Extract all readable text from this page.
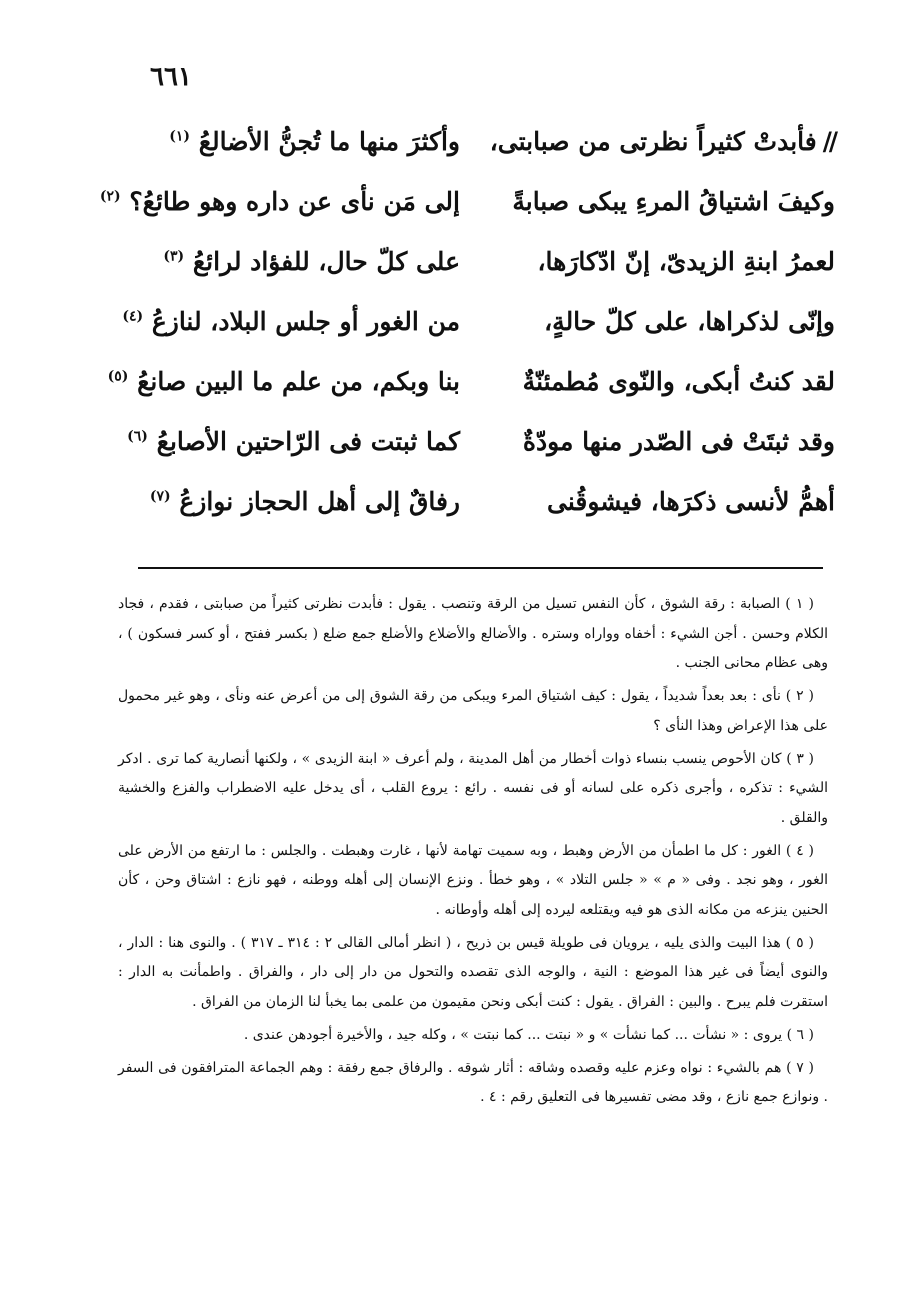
٦٦١
//فأبدتْ كثيراً نظرتى من صبابتى،
وأكثرَ منها ما تُجنُّ الأضالعُ $^{(١)}$
وكيفَ اشتياقُ المرءِ يبكى صبابةً
إلى مَن نأى عن داره وهو طائعُ؟ $^{(٢)}$
لعمرُ ابنةِ الزيدىّ، إنّ ادّكارَها،
على كلّ حال، للفؤاد لرائعُ $^{(٣)}$
وإنّى لذكراها، على كلّ حالةٍ،
من الغور أو جلس البلاد، لنازعُ $^{(٤)}$
لقد كنتُ أبكى، والنّوى مُطمئنّةٌ
بنا وبكم، من علم ما البين صانعُ $^{(٥)}$
وقد ثبتَتْ فى الصّدر منها مودّةٌ
كما ثبتت فى الرّاحتين الأصابعُ $^{(٦)}$
أهمُّ لأنسى ذكرَها، فيشوقُنى
رفاقٌ إلى أهل الحجاز نوازعُ $^{(٧)}$

( ١ ) الصبابة : رقة الشوق ، كأن النفس تسيل من الرقة وتنصب . يقول : فأبدت نظرتى كثيراً من صبابتى ، فقدم ، فجاد الكلام وحسن . أجن الشيء : أخفاه وواراه وستره . والأضالع والأضلاع والأضلع جمع ضلع ( بكسر ففتح ، أو كسر فسكون ) ، وهى عظام محانى الجنب .

( ٢ ) نأى : بعد بعداً شديداً ، يقول : كيف اشتياق المرء ويبكى من رقة الشوق إلى من أعرض عنه ونأى ، وهو غير محمول على هذا الإعراض وهذا النأى ؟

( ٣ ) كان الأحوص ينسب بنساء ذوات أخطار من أهل المدينة ، ولم أعرف « ابنة الزيدى » ، ولكنها أنصارية كما ترى . ادكر الشيء : تذكره ، وأجرى ذكره على لسانه أو فى نفسه . رائع : يروع القلب ، أى يدخل عليه الاضطراب والفزع والخشية والقلق .

( ٤ ) الغور : كل ما اطمأن من الأرض وهبط ، وبه سميت تهامة لأنها ، غارت وهبطت . والجلس : ما ارتفع من الأرض على الغور ، وهو نجد . وفى « م » « جلس التلاد » ، وهو خطأ . ونزع الإنسان إلى أهله ووطنه ، فهو نازع : اشتاق وحن ، كأن الحنين ينزعه من مكانه الذى هو فيه ويقتلعه ليرده إلى أهله وأوطانه .

( ٥ ) هذا البيت والذى يليه ، يرويان فى طويلة قيس بن ذريح ، ( انظر أمالى القالى ٢ : ٣١٤ ـ ٣١٧ ) . والنوى هنا : الدار ، والنوى أيضاً فى غير هذا الموضع : النية ، والوجه الذى تقصده والتحول من دار إلى دار ، والفراق . واطمأنت به الدار : استقرت فلم يبرح . والبين : الفراق . يقول : كنت أبكى ونحن مقيمون من علمى بما يخبأ لنا الزمان من الفراق .

( ٦ ) يروى : « نشأت ... كما نشأت » و « نبتت ... كما نبتت » ، وكله جيد ، والأخيرة أجودهن عندى .

( ٧ ) هم بالشيء : نواه وعزم عليه وقصده وشاقه : أثار شوقه . والرفاق جمع رفقة : وهم الجماعة المترافقون فى السفر . ونوازع جمع نازع ، وقد مضى تفسيرها فى التعليق رقم : ٤ .
